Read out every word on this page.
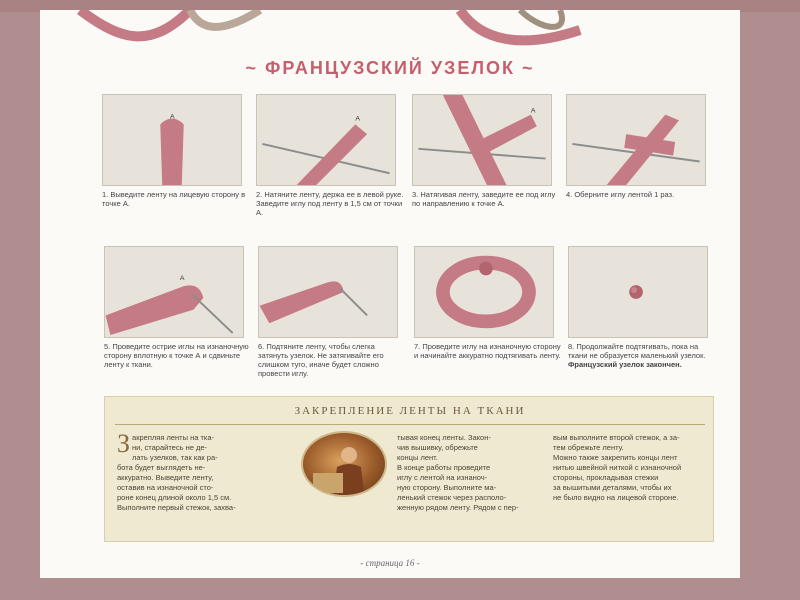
~ ФРАНЦУЗСКИЙ УЗЕЛОК ~
A
1. Выведите ленту на лицевую сторону в точке А.
A
2. Натяните ленту, держа ее в левой руке. Заведите иглу под ленту в 1,5 см от точки А.
A
3. Натягивая ленту, заведите ее под иглу по направлению к точке А.
4. Оберните иглу лентой 1 раз.
A
5. Проведите острие иглы на изнаночную сторону вплотную к точке А и сдвиньте ленту к ткани.
6. Подтяните ленту, чтобы слегка затянуть узелок. Не затягивайте его слишком туго, иначе будет сложно провести иглу.
7. Проведите иглу на изнаночную сторону и начинайте аккуратно подтягивать ленту.
8. Продолжайте подтягивать, пока на ткани не образуется маленький узелок. Французский узелок закончен.
ЗАКРЕПЛЕНИЕ ЛЕНТЫ НА ТКАНИ
З акрепляя ленты на тка-

ни, старайтесь не де-

лать узелков, так как ра-

бота будет выглядеть не-

аккуратно. Выведите ленту,

оставив на изнаночной сто-

роне конец длиной около 1,5 см.

Выполните первый стежок, захва-

тывая конец ленты. Закон-

чив вышивку, обрежьте

концы лент.

В конце работы проведите

иглу с лентой на изнаноч-

ную сторону. Выполните ма-

ленький стежок через располо-

женную рядом ленту. Рядом с пер-

вым выполните второй стежок, а за-

тем обрежьте ленту.

Можно также закрепить концы лент

нитью швейной ниткой с изнаночной

стороны, прокладывая стежки

за вышитыми деталями, чтобы их

не было видно на лицевой стороне.

- страница 16 -
